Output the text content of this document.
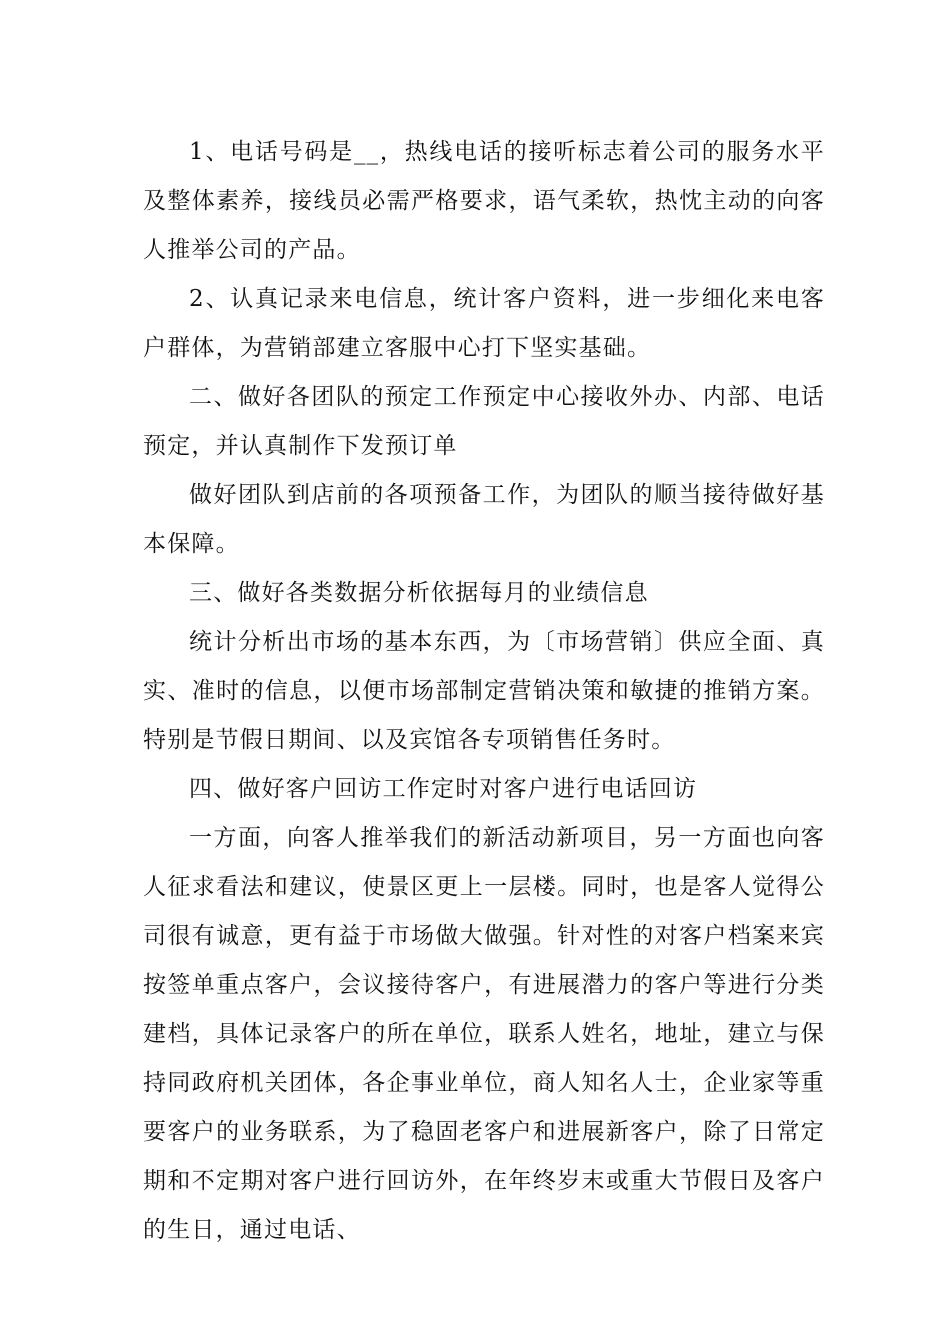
1、电话号码是__，热线电话的接听标志着公司的服务水平及整体素养，接线员必需严格要求，语气柔软，热忱主动的向客人推举公司的产品。

2、认真记录来电信息，统计客户资料，进一步细化来电客户群体，为营销部建立客服中心打下坚实基础。

二、做好各团队的预定工作预定中心接收外办、内部、电话预定，并认真制作下发预订单

做好团队到店前的各项预备工作，为团队的顺当接待做好基本保障。

三、做好各类数据分析依据每月的业绩信息

统计分析出市场的基本东西，为〔市场营销〕供应全面、真实、准时的信息，以便市场部制定营销决策和敏捷的推销方案。特别是节假日期间、以及宾馆各专项销售任务时。

四、做好客户回访工作定时对客户进行电话回访

一方面，向客人推举我们的新活动新项目，另一方面也向客人征求看法和建议，使景区更上一层楼。同时，也是客人觉得公司很有诚意，更有益于市场做大做强。针对性的对客户档案来宾按签单重点客户，会议接待客户，有进展潜力的客户等进行分类建档，具体记录客户的所在单位，联系人姓名，地址，建立与保持同政府机关团体，各企事业单位，商人知名人士，企业家等重要客户的业务联系，为了稳固老客户和进展新客户，除了日常定期和不定期对客户进行回访外，在年终岁末或重大节假日及客户的生日，通过电话、
